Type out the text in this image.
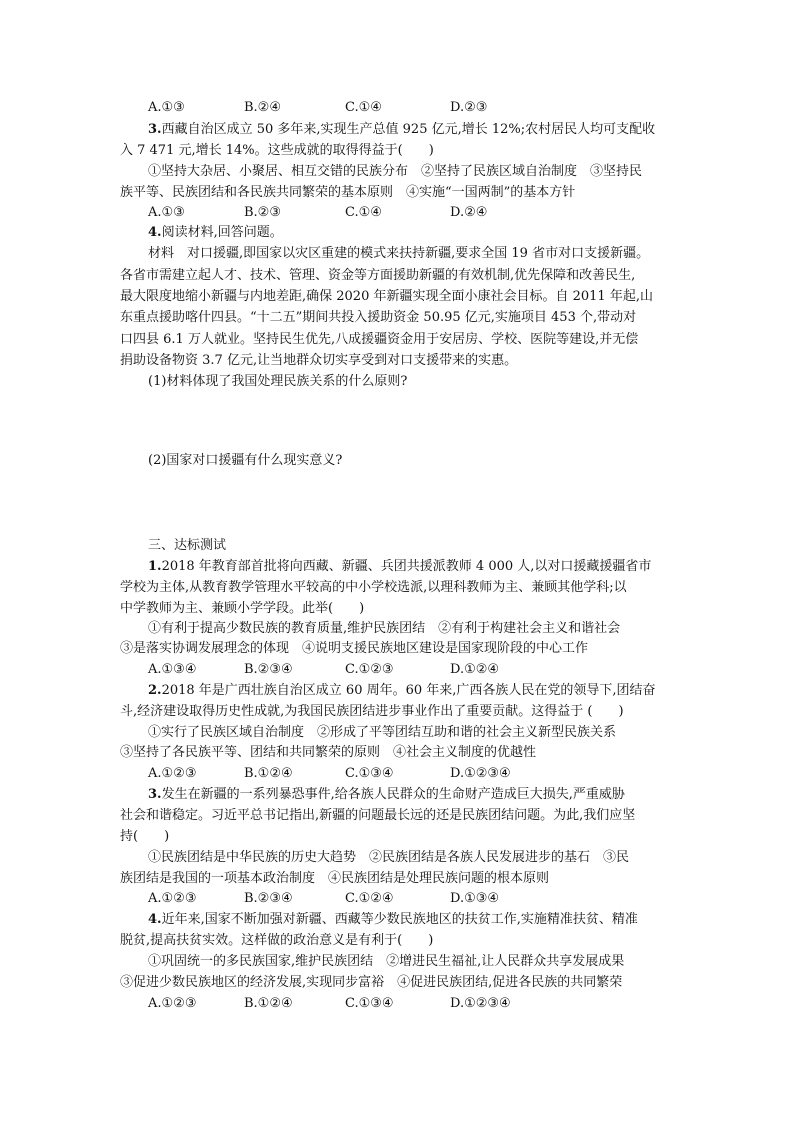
A.①③	B.②④	C.①④	D.②③
3.西藏自治区成立 50 多年来,实现生产总值 925 亿元,增长 12%;农村居民人均可支配收
入 7 471 元,增长 14%。这些成就的取得得益于(　　)
①坚持大杂居、小聚居、相互交错的民族分布　②坚持了民族区域自治制度　③坚持民
族平等、民族团结和各民族共同繁荣的基本原则　④实施“一国两制”的基本方针
A.①③	B.②③	C.①④	D.②④
4.阅读材料,回答问题。
材料　对口援疆,即国家以灾区重建的模式来扶持新疆,要求全国 19 省市对口支援新疆。
各省市需建立起人才、技术、管理、资金等方面援助新疆的有效机制,优先保障和改善民生,
最大限度地缩小新疆与内地差距,确保 2020 年新疆实现全面小康社会目标。自 2011 年起,山
东重点援助喀什四县。“十二五”期间共投入援助资金 50.95 亿元,实施项目 453 个,带动对
口四县 6.1 万人就业。坚持民生优先,八成援疆资金用于安居房、学校、医院等建设,并无偿
捐助设备物资 3.7 亿元,让当地群众切实享受到对口支援带来的实惠。
(1)材料体现了我国处理民族关系的什么原则?
(2)国家对口援疆有什么现实意义?
三、达标测试
1.2018 年教育部首批将向西藏、新疆、兵团共援派教师 4 000 人,以对口援藏援疆省市
学校为主体,从教育教学管理水平较高的中小学校选派,以理科教师为主、兼顾其他学科;以
中学教师为主、兼顾小学学段。此举(　　)
①有利于提高少数民族的教育质量,维护民族团结　②有利于构建社会主义和谐社会
③是落实协调发展理念的体现　④说明支援民族地区建设是国家现阶段的中心工作
A.①③④	B.②③④	C.①②③	D.①②④
2.2018 年是广西壮族自治区成立 60 周年。60 年来,广西各族人民在党的领导下,团结奋
斗,经济建设取得历史性成就,为我国民族团结进步事业作出了重要贡献。这得益于 (　　)
①实行了民族区域自治制度　②形成了平等团结互助和谐的社会主义新型民族关系
③坚持了各民族平等、团结和共同繁荣的原则　④社会主义制度的优越性
A.①②③	B.①②④	C.①③④	D.①②③④
3.发生在新疆的一系列暴恐事件,给各族人民群众的生命财产造成巨大损失,严重威胁
社会和谐稳定。习近平总书记指出,新疆的问题最长远的还是民族团结问题。为此,我们应坚
持(　　)
①民族团结是中华民族的历史大趋势　②民族团结是各族人民发展进步的基石　③民
族团结是我国的一项基本政治制度　④民族团结是处理民族问题的根本原则
A.①②③	B.②③④	C.①②④	D.①③④
4.近年来,国家不断加强对新疆、西藏等少数民族地区的扶贫工作,实施精准扶贫、精准
脱贫,提高扶贫实效。这样做的政治意义是有利于(　　)
①巩固统一的多民族国家,维护民族团结　②增进民生福祉,让人民群众共享发展成果
③促进少数民族地区的经济发展,实现同步富裕　④促进民族团结,促进各民族的共同繁荣
A.①②③	B.①②④	C.①③④	D.①②③④
